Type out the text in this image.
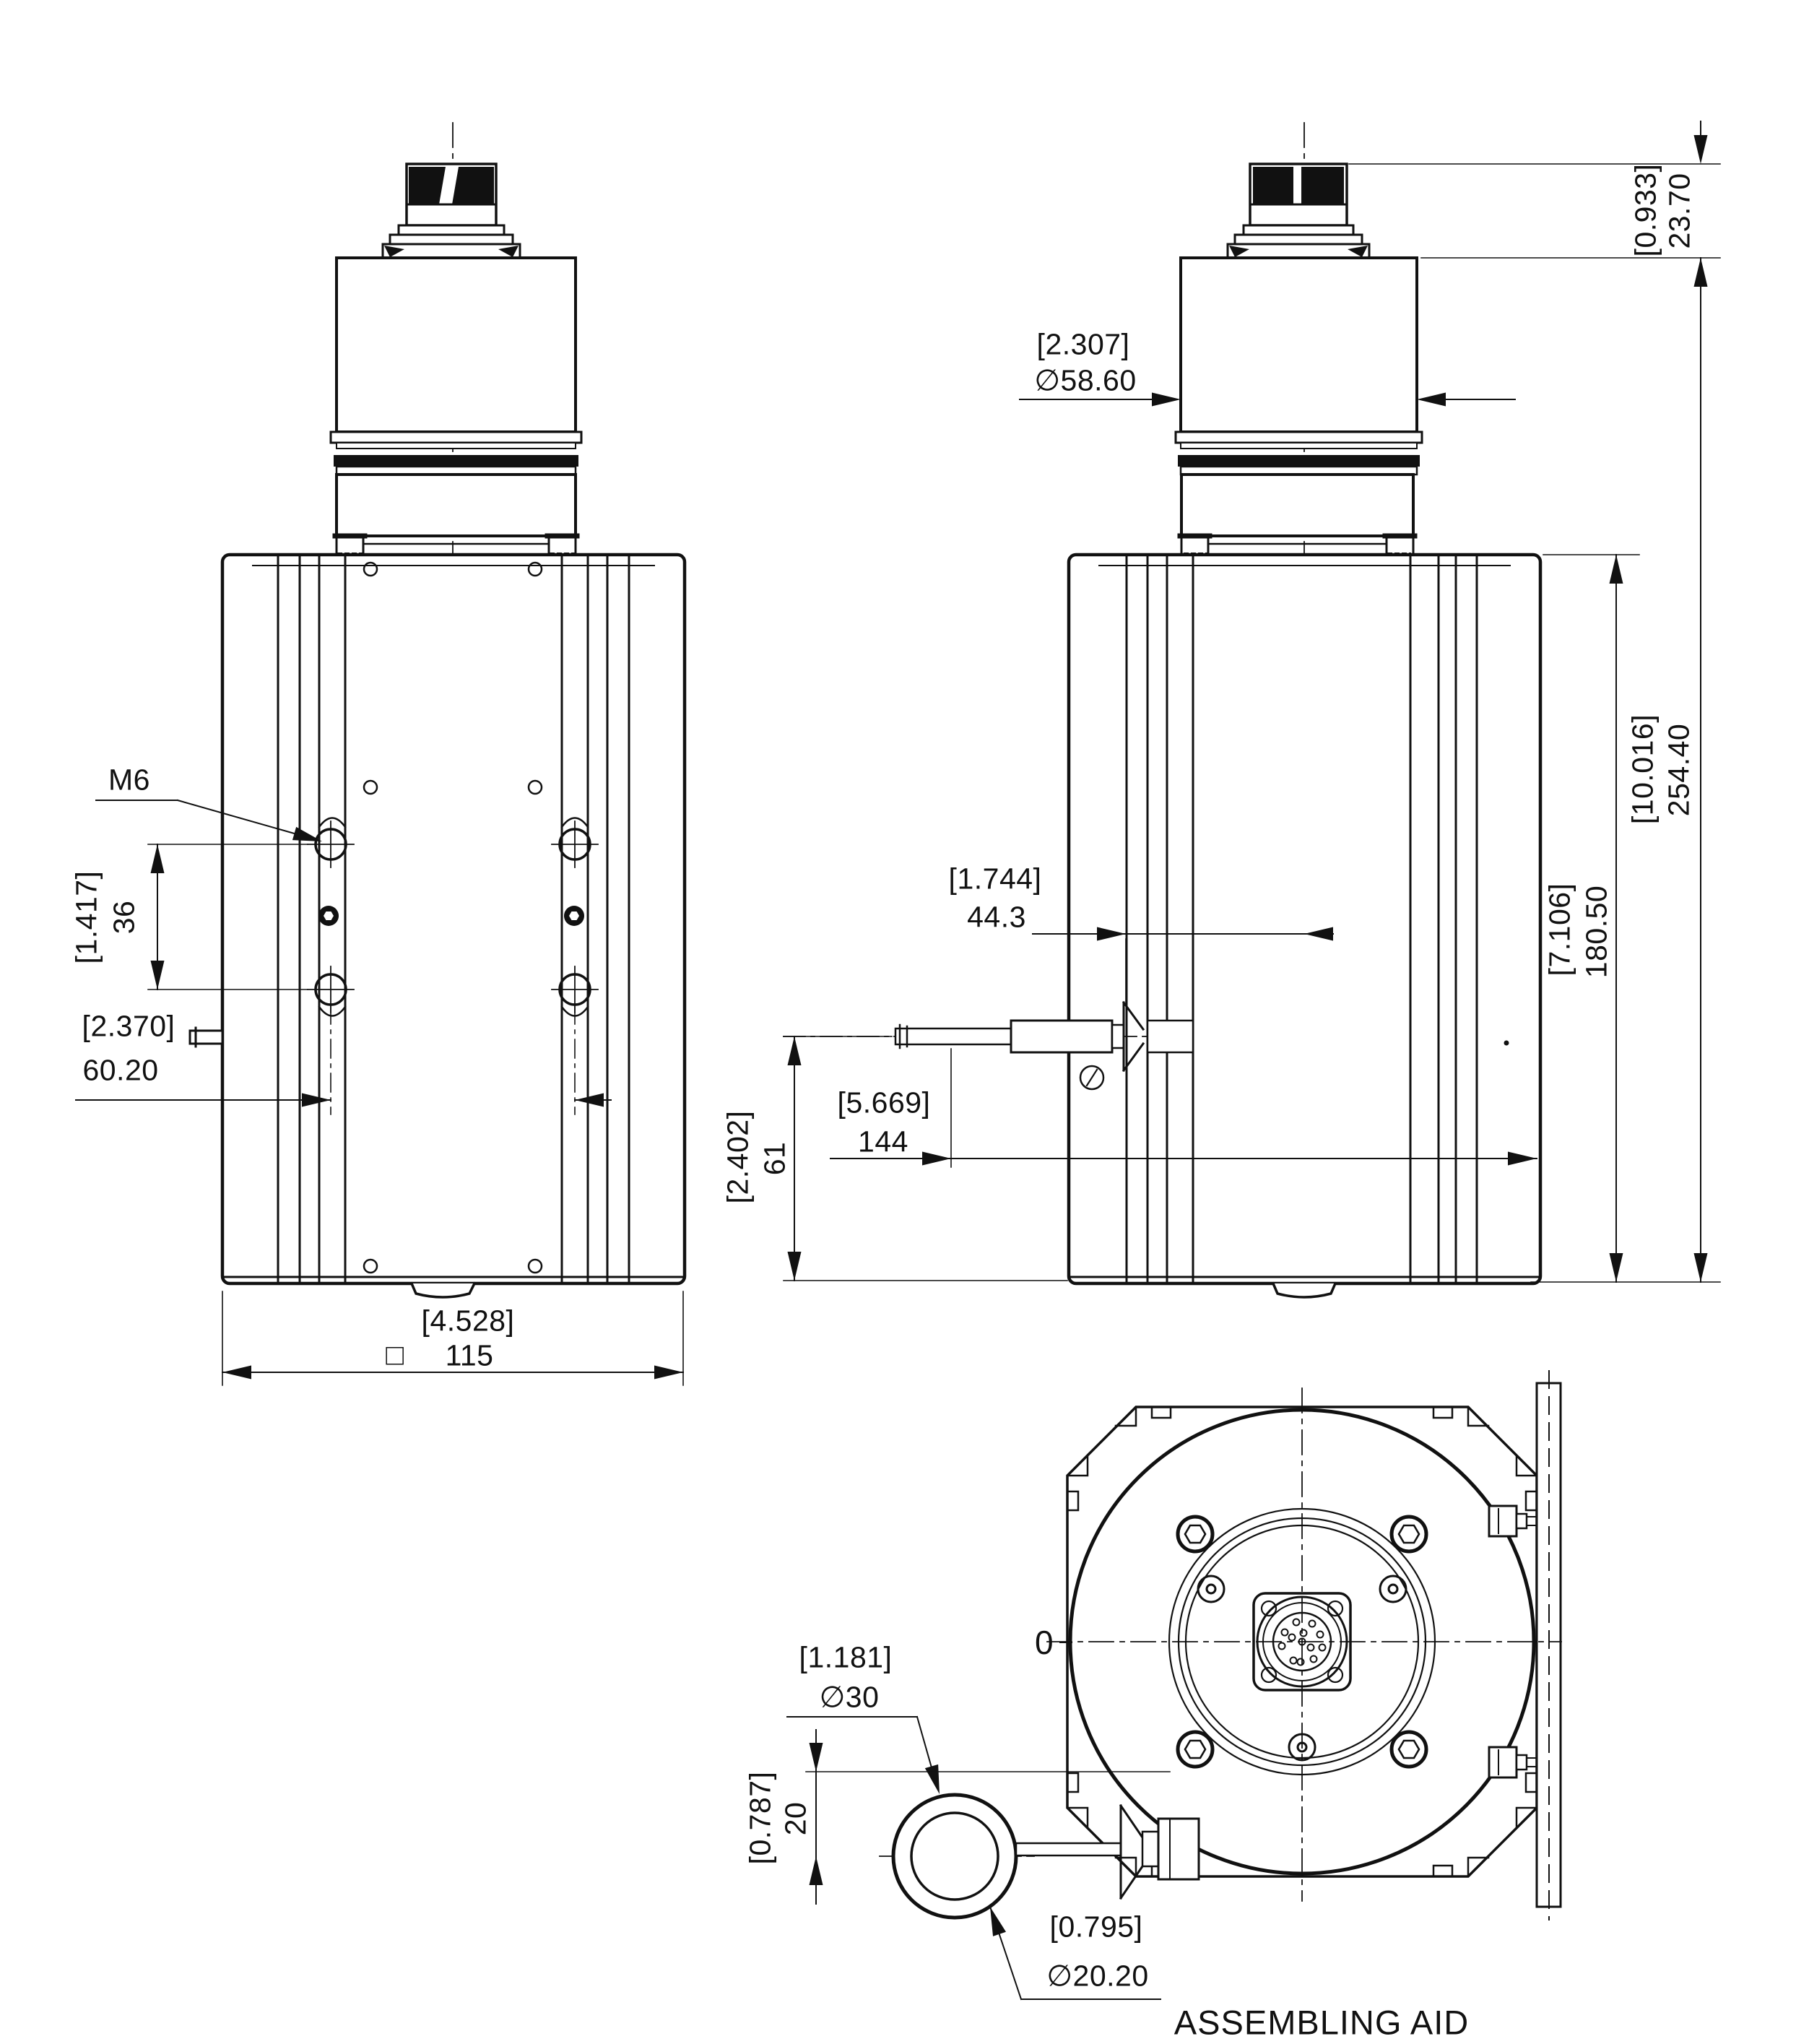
M6
[1.417] 36
[2.370]
60.20
[4.528]
□ 115
[2.307]
∅58.60
[0.933] 23.70
[10.016] 254.40
[7.106] 180.50
[1.744]
44.3
[5.669]
144
[2.402] 61
0
[1.181]
∅30
[0.787] 20
[0.795]
∅20.20
ASSEMBLING AID
